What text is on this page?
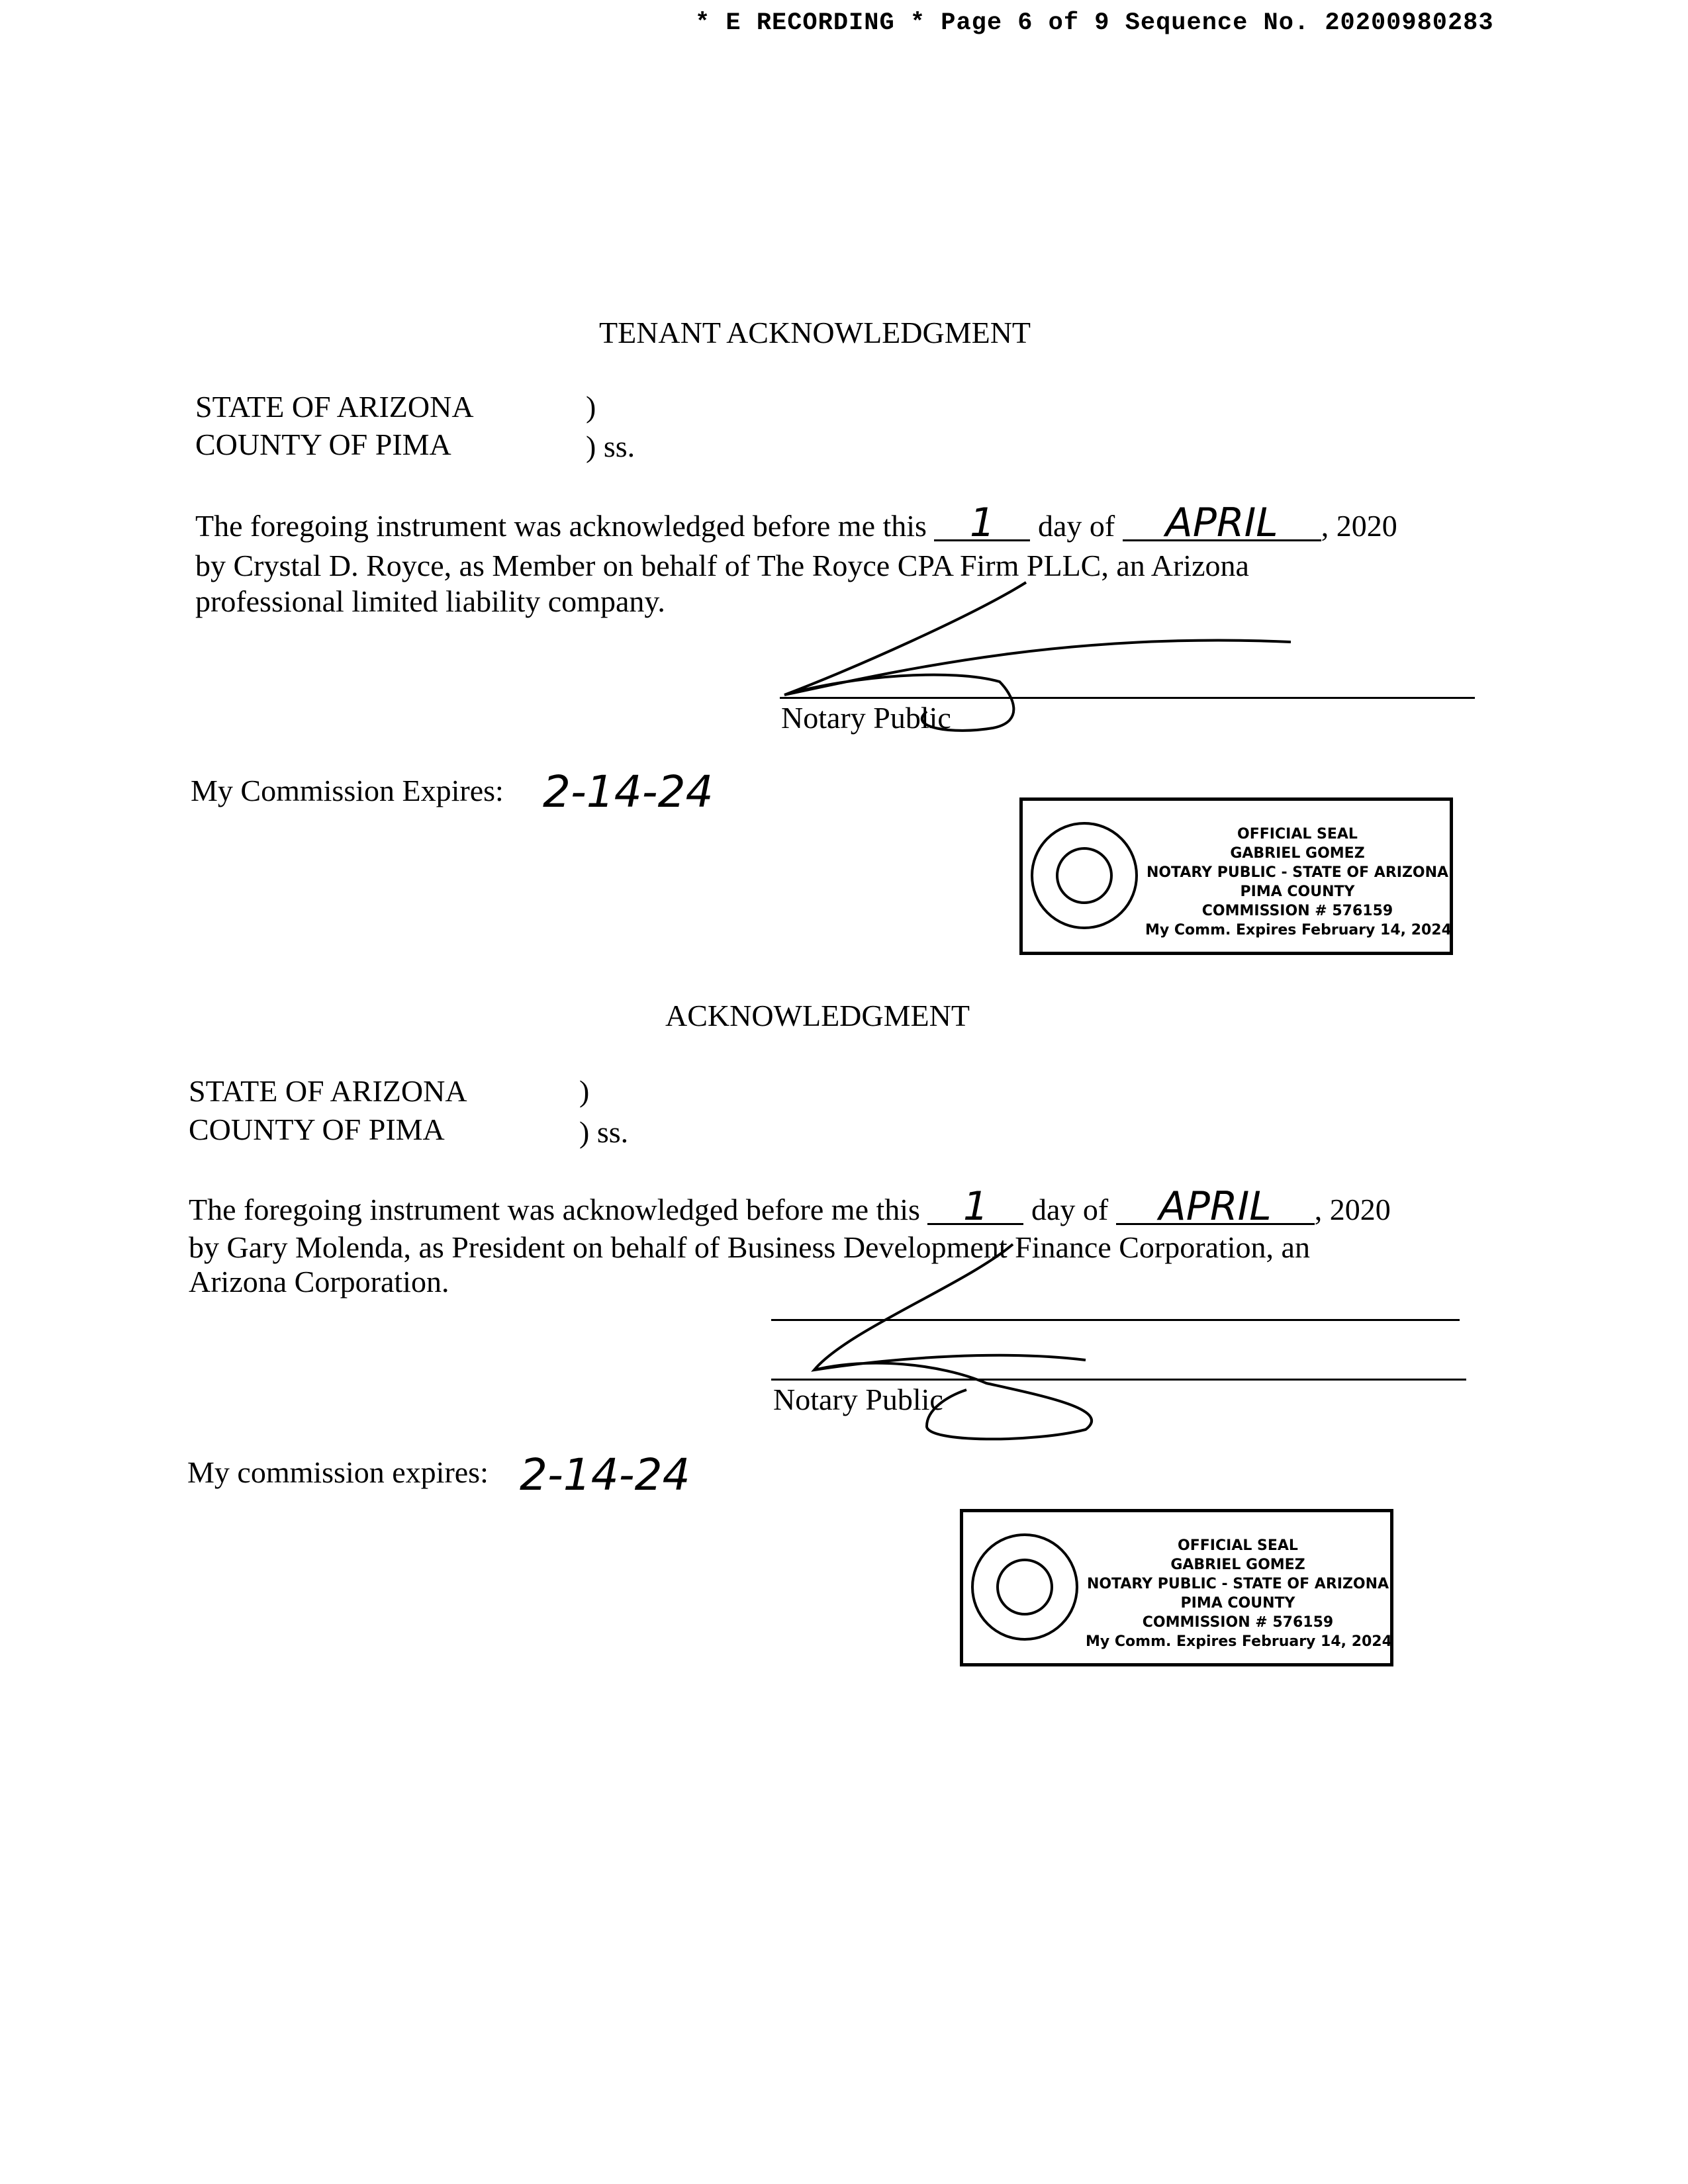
* E RECORDING * Page 6 of 9 Sequence No. 20200980283
TENANT ACKNOWLEDGMENT
STATE OF ARIZONA	)
COUNTY OF PIMA	) ss.
The foregoing instrument was acknowledged before me this 1 day of APRIL , 2020
by Crystal D. Royce, as Member on behalf of The Royce CPA Firm PLLC, an Arizona
professional limited liability company.
Notary Public
My Commission Expires: 2-14-24
OFFICIAL SEAL
GABRIEL GOMEZ
NOTARY PUBLIC - STATE OF ARIZONA
PIMA COUNTY
COMMISSION # 576159
My Comm. Expires February 14, 2024
ACKNOWLEDGMENT
STATE OF ARIZONA	)
COUNTY OF PIMA	) ss.
The foregoing instrument was acknowledged before me this 1 day of APRIL , 2020
by Gary Molenda, as President on behalf of Business Development Finance Corporation, an
Arizona Corporation.
Notary Public
My commission expires: 2-14-24
OFFICIAL SEAL
GABRIEL GOMEZ
NOTARY PUBLIC - STATE OF ARIZONA
PIMA COUNTY
COMMISSION # 576159
My Comm. Expires February 14, 2024
